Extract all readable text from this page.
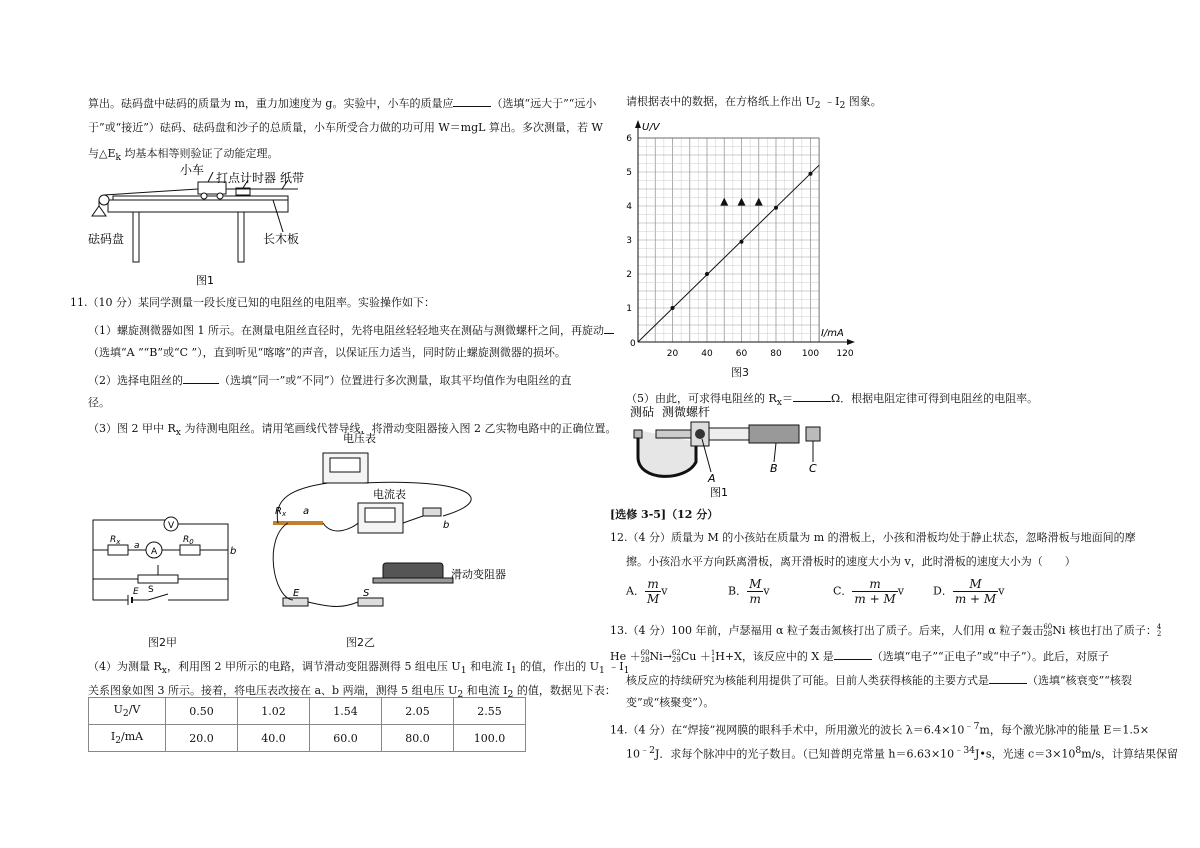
算出。砝码盘中砝码的质量为 m，重力加速度为 g。实验中，小车的质量应	（选填“远大于”“远小
于”或“接近”）砝码、砝码盘和沙子的总质量，小车所受合力做的功可用 W＝mgL 算出。多次测量，若 W
与$\triangle E_k$ 均基本相等则验证了动能定理。
小车
打点计时器 纸带
砝码盘	长木板
图1
11.（10 分）某同学测量一段长度已知的电阻丝的电阻率。实验操作如下：
（1）螺旋测微器如图 1 所示。在测量电阻丝直径时，先将电阻丝轻轻地夹在测砧与测微螺杆之间，再旋动
（选填“A ”“B”或“C ”），直到听见“喀喀”的声音，以保证压力适当，同时防止螺旋测微器的损坏。
（2）选择电阻丝的	（选填“同一”或“不同”）位置进行多次测量，取其平均值作为电阻丝的直
径。
（3）图 2 甲中 $R_x$ 为待测电阻丝。请用笔画线代替导线，将滑动变阻器接入图 2 乙实物电路中的正确位置。
V
A
$R_x$	$R_0$
a	b
E S
图2甲
电压表
电流表
滑动变阻器
$R_x$ a
b
E	S
图2乙
（4）为测量 $R_x$，利用图 2 甲所示的电路，调节滑动变阻器测得 5 组电压 $U_1$ 和电流 $I_1$ 的值，作出的 $U_1$ $﹣I_1$
关系图象如图 3 所示。接着，将电压表改接在 a、b 两端，测得 5 组电压 $U_2$ 和电流 $I_2$ 的值，数据见下表：
$U_2/V$	0.50	1.02	1.54	2.05	2.55
$I_2/mA$	20.0	40.0	60.0	80.0	100.0
请根据表中的数据，在方格纸上作出 $U_2$ $﹣I_2$ 图象。
20	40	60	80 100 120
1
2
3
4
5
6
0
I/mA
U/V
图3
（5）由此，可求得电阻丝的 $R_x=$	Ω．根据电阻定律可得到电阻丝的电阻率。
测砧 测微螺杆
A
B	C
图1
[选修 3-5]（12 分）
12.（4 分）质量为 M 的小孩站在质量为 m 的滑板上，小孩和滑板均处于静止状态，忽略滑板与地面间的摩
擦。小孩沿水平方向跃离滑板，离开滑板时的速度大小为 v，此时滑板的速度大小为（　　）
A． $\frac{m}{M}$ v	B． $\frac{M}{m}$ v	C． $\frac{m}{m + M}$ v	D． $\frac{M}{m + M}$ v
13.（4 分）100 年前，卢瑟福用 α 粒子轰击氮核打出了质子。后来，人们用 α 粒子轰击60
28Ni 核也打出了质子：4
2
He ＋60
28Ni→62
29Cu ＋1
1H+X，该反应中的 X 是	（选填“电子”“正电子”或“中子”）。此后，对原子
核反应的持续研究为核能利用提供了可能。目前人类获得核能的主要方式是	（选填“核衰变”“核裂
变”或“核聚变”）。
14.（4 分）在“焊接”视网膜的眼科手术中，所用激光的波长 $\lambda=6.4\times 10^{﹣7}m$，每个激光脉冲的能量 E＝1.5×
$10^{﹣2}J$．求每个脉冲中的光子数目。（已知普朗克常量 $h=6.63\times 10^{﹣34}J•s$，光速 $c=3\times 10^8m/s$，计算结果保留
